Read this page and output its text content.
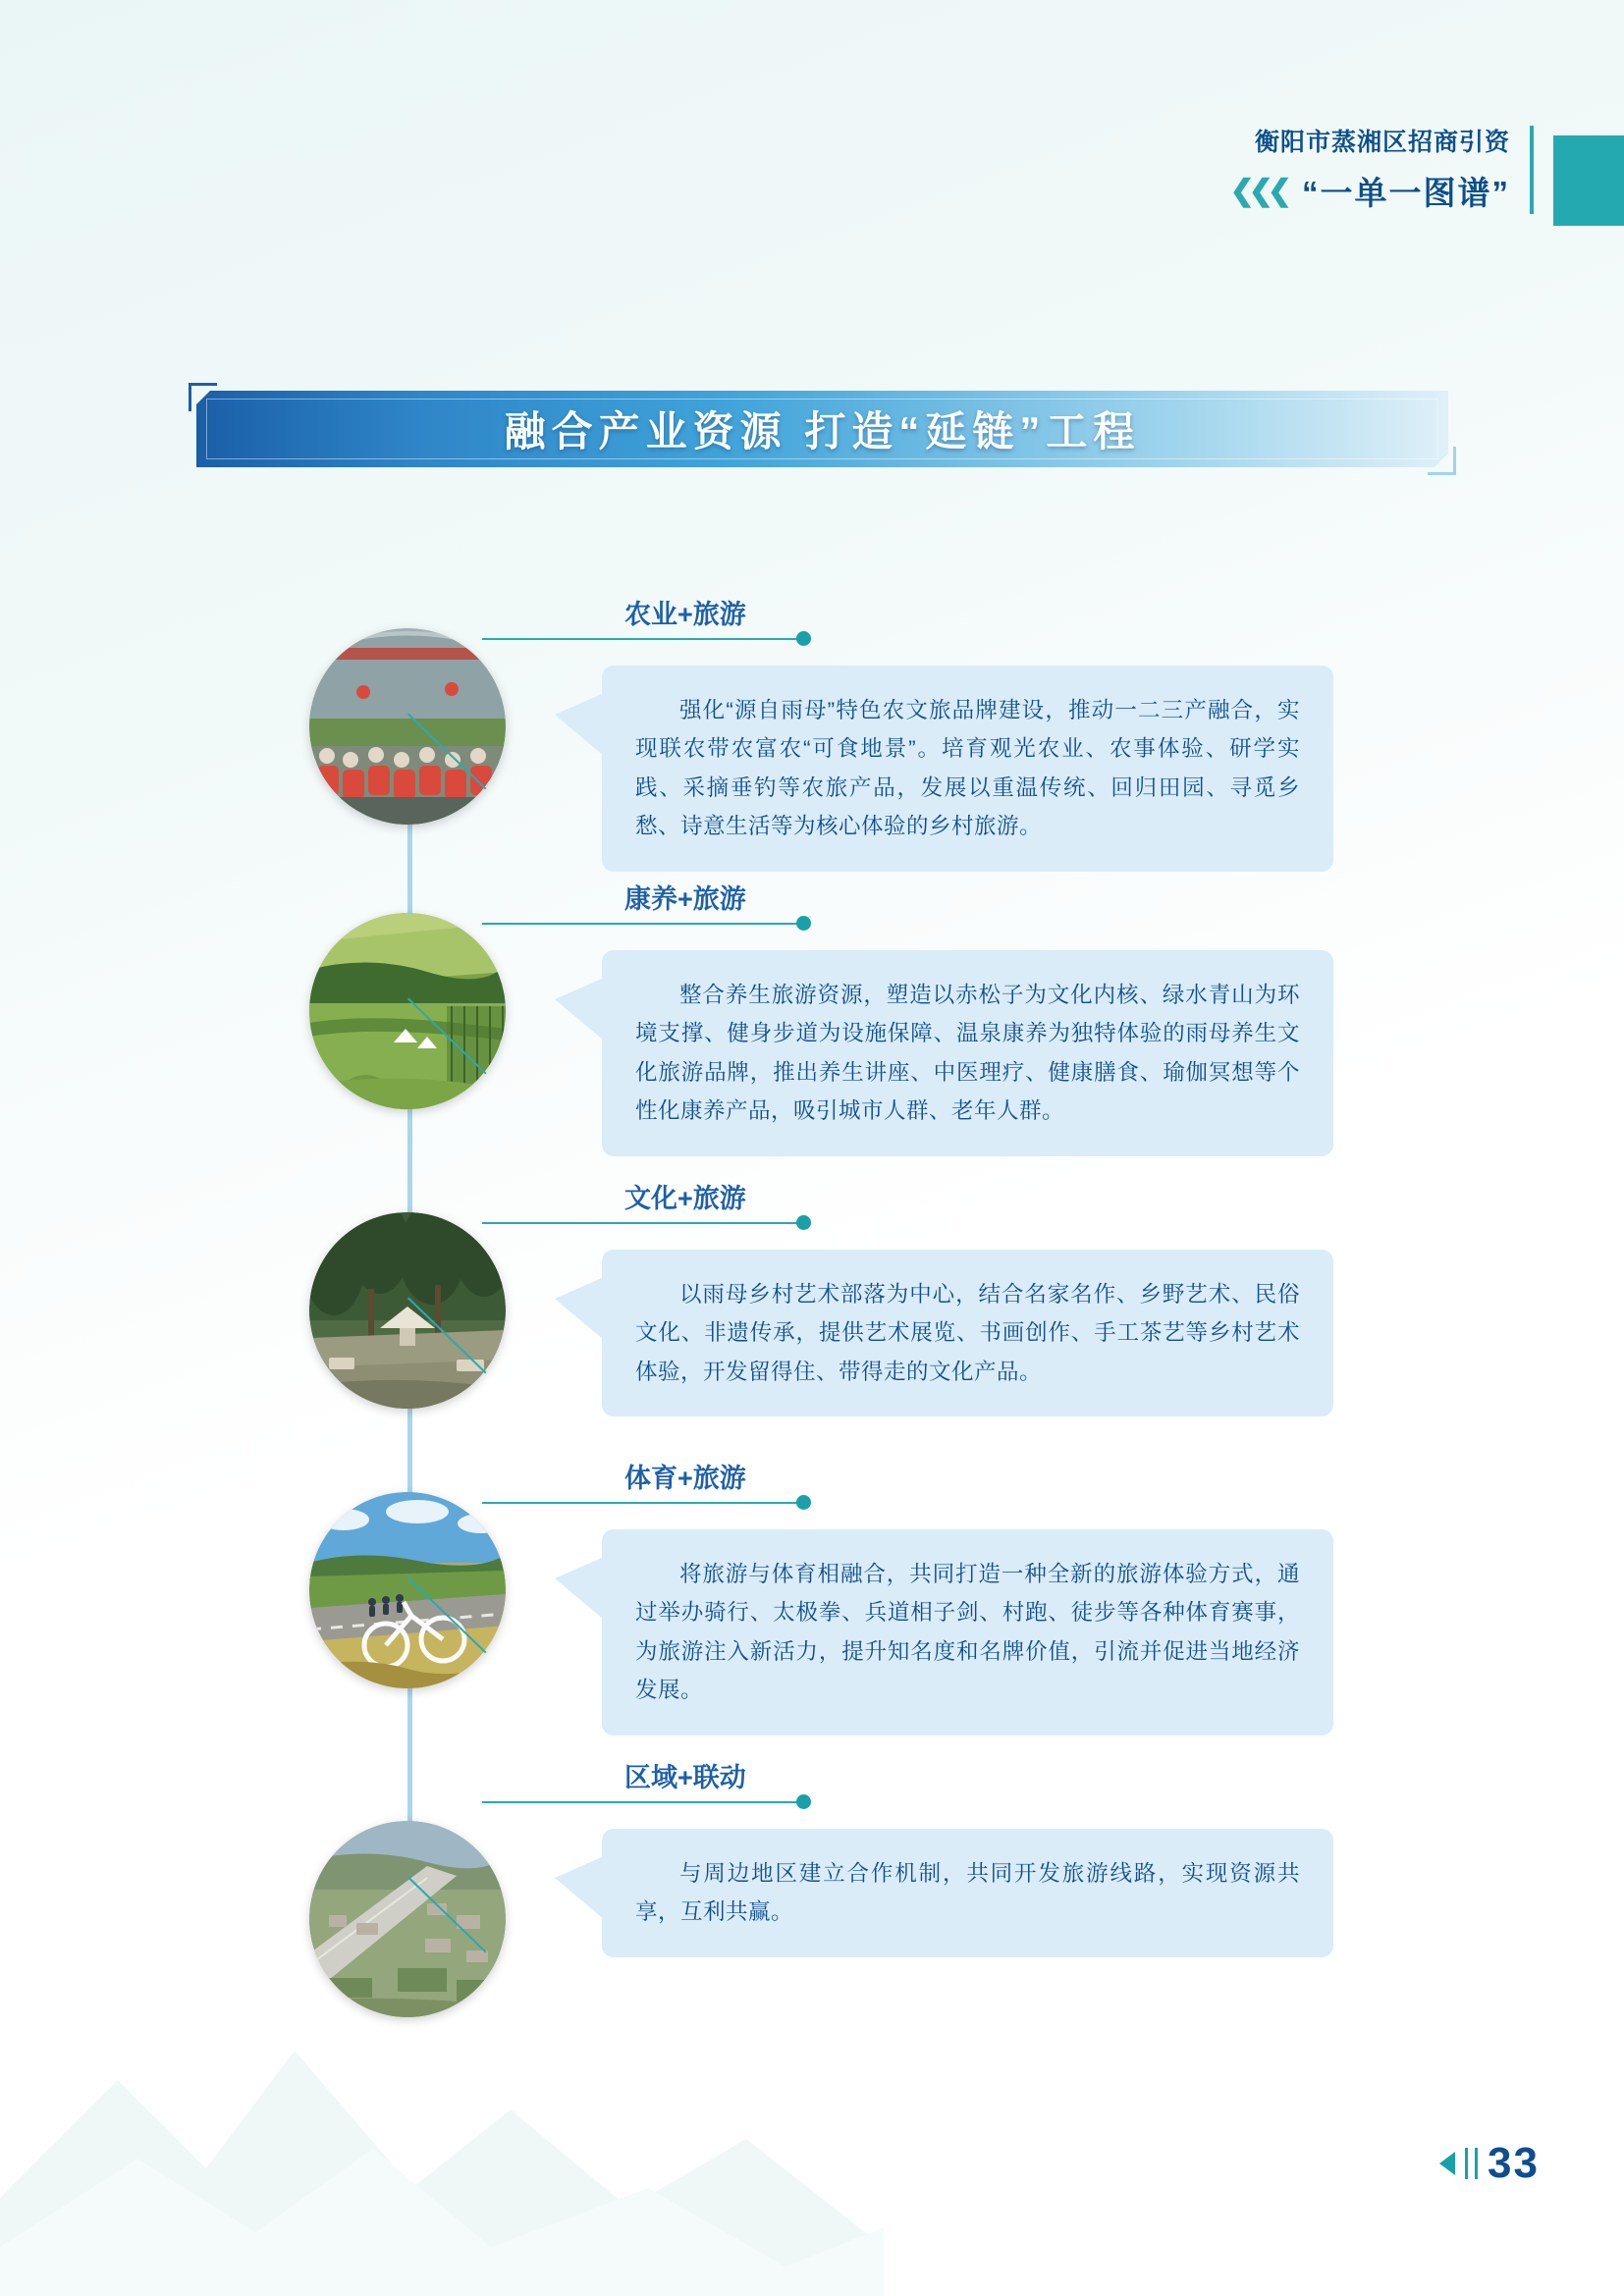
衡阳市蒸湘区招商引资
❮❮❮ “一单一图谱”
融合产业资源 打造“延链”工程
农业+旅游

强化“源自雨母”特色农文旅品牌建设，推动一二三产融合，实现联农带农富农“可食地景”。培育观光农业、农事体验、研学实践、采摘垂钓等农旅产品，发展以重温传统、回归田园、寻觅乡愁、诗意生活等为核心体验的乡村旅游。

康养+旅游

整合养生旅游资源，塑造以赤松子为文化内核、绿水青山为环境支撑、健身步道为设施保障、温泉康养为独特体验的雨母养生文化旅游品牌，推出养生讲座、中医理疗、健康膳食、瑜伽冥想等个性化康养产品，吸引城市人群、老年人群。

文化+旅游

以雨母乡村艺术部落为中心，结合名家名作、乡野艺术、民俗文化、非遗传承，提供艺术展览、书画创作、手工茶艺等乡村艺术体验，开发留得住、带得走的文化产品。

体育+旅游

将旅游与体育相融合，共同打造一种全新的旅游体验方式，通过举办骑行、太极拳、兵道相子剑、村跑、徒步等各种体育赛事，为旅游注入新活力，提升知名度和名牌价值，引流并促进当地经济发展。

区域+联动

与周边地区建立合作机制，共同开发旅游线路，实现资源共享，互利共赢。

33
